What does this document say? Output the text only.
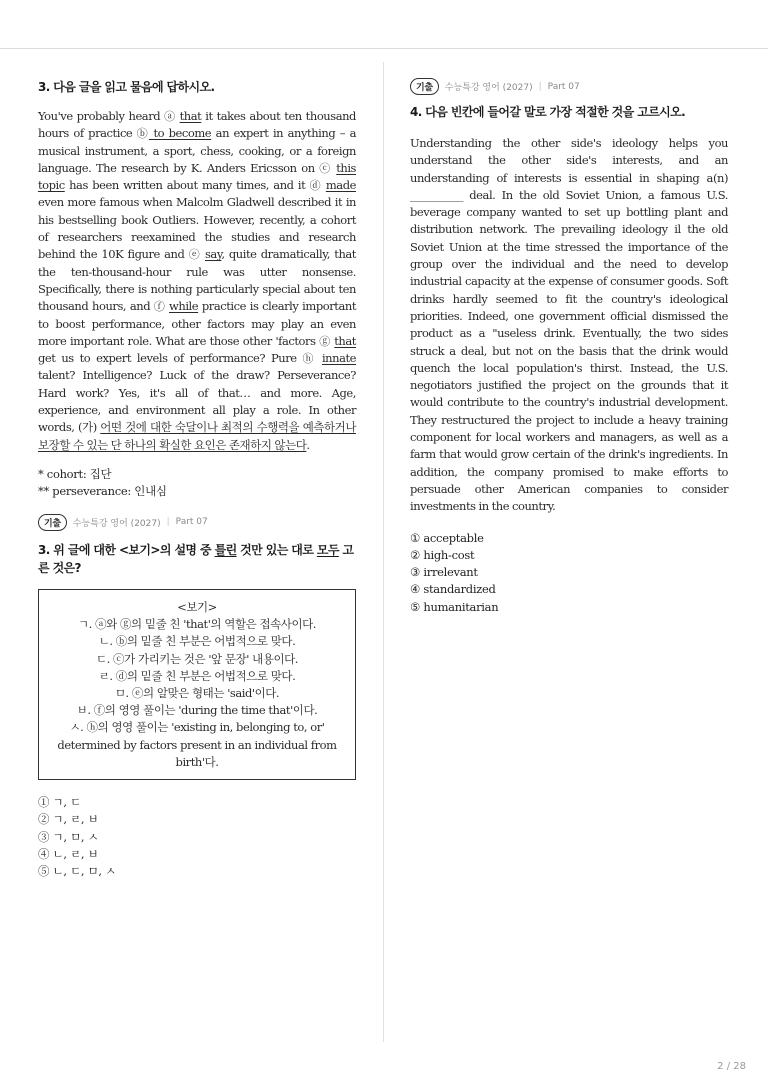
3. 다음 글을 읽고 물음에 답하시오.

You've probably heard ⓐ that it takes about ten thousand hours of practice ⓑ to become an expert in anything – a musical instrument, a sport, chess, cooking, or a foreign language. The research by K. Anders Ericsson on ⓒ this topic has been written about many times, and it ⓓ made even more famous when Malcolm Gladwell described it in his bestselling book Outliers. However, recently, a cohort of researchers reexamined the studies and research behind the 10K figure and ⓔ say, quite dramatically, that the ten-thousand-hour rule was utter nonsense. Specifically, there is nothing particularly special about ten thousand hours, and ⓕ while practice is clearly important to boost performance, other factors may play an even more important role. What are those other 'factors ⓖ that get us to expert levels of performance? Pure ⓗ innate talent? Intelligence? Luck of the draw? Perseverance? Hard work? Yes, it's all of that… and more. Age, experience, and environment all play a role. In other words, (가) 어떤 것에 대한 숙달이나 최적의 수행력을 예측하거나 보장할 수 있는 단 하나의 확실한 요인은 존재하지 않는다.

* cohort: 집단

** perseverance: 인내심

기출	수능특강 영어 (2027) | Part 07

3. 위 글에 대한 <보기>의 설명 중 틀린 것만 있는 대로 모두 고른 것은?

<보기>
ㄱ. ⓐ와 ⓖ의 밑줄 친 'that'의 역할은 접속사이다.
ㄴ. ⓑ의 밑줄 친 부분은 어법적으로 맞다.
ㄷ. ⓒ가 가리키는 것은 '앞 문장' 내용이다.
ㄹ. ⓓ의 밑줄 친 부분은 어법적으로 맞다.
ㅁ. ⓔ의 알맞은 형태는 'said'이다.
ㅂ. ⓕ의 영영 풀이는 'during the time that'이다.
ㅅ. ⓗ의 영영 풀이는 'existing in, belonging to, or' determined by factors present in an individual from birth'다.
① ㄱ, ㄷ
② ㄱ, ㄹ, ㅂ
③ ㄱ, ㅁ, ㅅ
④ ㄴ, ㄹ, ㅂ
⑤ ㄴ, ㄷ, ㅁ, ㅅ
기출	수능특강 영어 (2027) | Part 07

4. 다음 빈칸에 들어갈 말로 가장 적절한 것을 고르시오.

Understanding the other side's ideology helps you understand the other side's interests, and an understanding of interests is essential in shaping a(n) __________ deal. In the old Soviet Union, a famous U.S. beverage company wanted to set up bottling plant and distribution network. The prevailing ideology il the old Soviet Union at the time stressed the importance of the group over the individual and the need to develop industrial capacity at the expense of consumer goods. Soft drinks hardly seemed to fit the country's ideological priorities. Indeed, one government official dismissed the product as a "useless drink. Eventually, the two sides struck a deal, but not on the basis that the drink would quench the local population's thirst. Instead, the U.S. negotiators justified the project on the grounds that it would contribute to the country's industrial development. They restructured the project to include a heavy training component for local workers and managers, as well as a farm that would grow certain of the drink's ingredients. In addition, the company promised to make efforts to persuade other American companies to consider investments in the country.

① acceptable
② high-cost
③ irrelevant
④ standardized
⑤ humanitarian
2 / 28
